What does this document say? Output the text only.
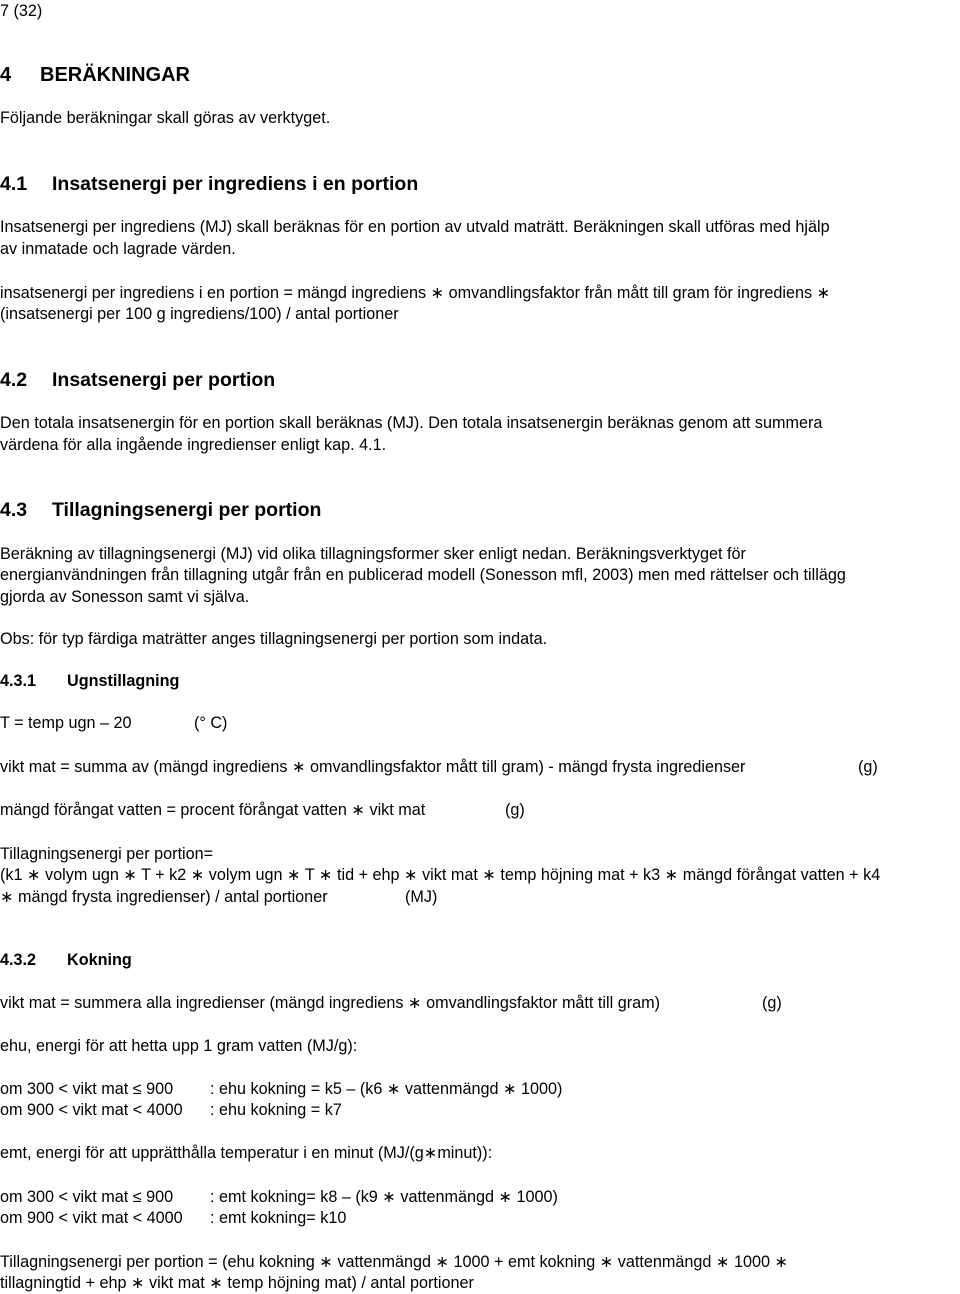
7 (32)
4 BERÄKNINGAR
Följande beräkningar skall göras av verktyget.
4.1 Insatsenergi per ingrediens i en portion
Insatsenergi per ingrediens (MJ) skall beräknas för en portion av utvald maträtt. Beräkningen skall utföras med hjälp
av inmatade och lagrade värden.
insatsenergi per ingrediens i en portion = mängd ingrediens ∗ omvandlingsfaktor från mått till gram för ingrediens ∗
(insatsenergi per 100 g ingrediens/100) / antal portioner
4.2 Insatsenergi per portion
Den totala insatsenergin för en portion skall beräknas (MJ). Den totala insatsenergin beräknas genom att summera
värdena för alla ingående ingredienser enligt kap. 4.1.
4.3 Tillagningsenergi per portion
Beräkning av tillagningsenergi (MJ) vid olika tillagningsformer sker enligt nedan. Beräkningsverktyget för
energianvändningen från tillagning utgår från en publicerad modell (Sonesson mfl, 2003) men med rättelser och tillägg
gjorda av Sonesson samt vi själva.
Obs: för typ färdiga maträtter anges tillagningsenergi per portion som indata.
4.3.1 Ugnstillagning
T = temp ugn – 20	(° C)
vikt mat = summa av (mängd ingrediens ∗ omvandlingsfaktor mått till gram) - mängd frysta ingredienser	(g)
mängd förångat vatten = procent förångat vatten ∗ vikt mat	(g)
Tillagningsenergi per portion=
(k1 ∗ volym ugn ∗ T + k2 ∗ volym ugn ∗ T ∗ tid + ehp ∗ vikt mat ∗ temp höjning mat + k3 ∗ mängd förångat vatten + k4
∗ mängd frysta ingredienser) / antal portioner	(MJ)
4.3.2 Kokning
vikt mat = summera alla ingredienser (mängd ingrediens ∗ omvandlingsfaktor mått till gram)	(g)
ehu, energi för att hetta upp 1 gram vatten (MJ/g):
om 300 < vikt mat ≤ 900 : ehu kokning = k5 – (k6 ∗ vattenmängd ∗ 1000)
om 900 < vikt mat < 4000 : ehu kokning = k7
emt, energi för att upprätthålla temperatur i en minut (MJ/(g∗minut)):
om 300 < vikt mat ≤ 900 : emt kokning= k8 – (k9 ∗ vattenmängd ∗ 1000)
om 900 < vikt mat < 4000 : emt kokning= k10
Tillagningsenergi per portion = (ehu kokning ∗ vattenmängd ∗ 1000 + emt kokning ∗ vattenmängd ∗ 1000 ∗
tillagningtid + ehp ∗ vikt mat ∗ temp höjning mat) / antal portioner
